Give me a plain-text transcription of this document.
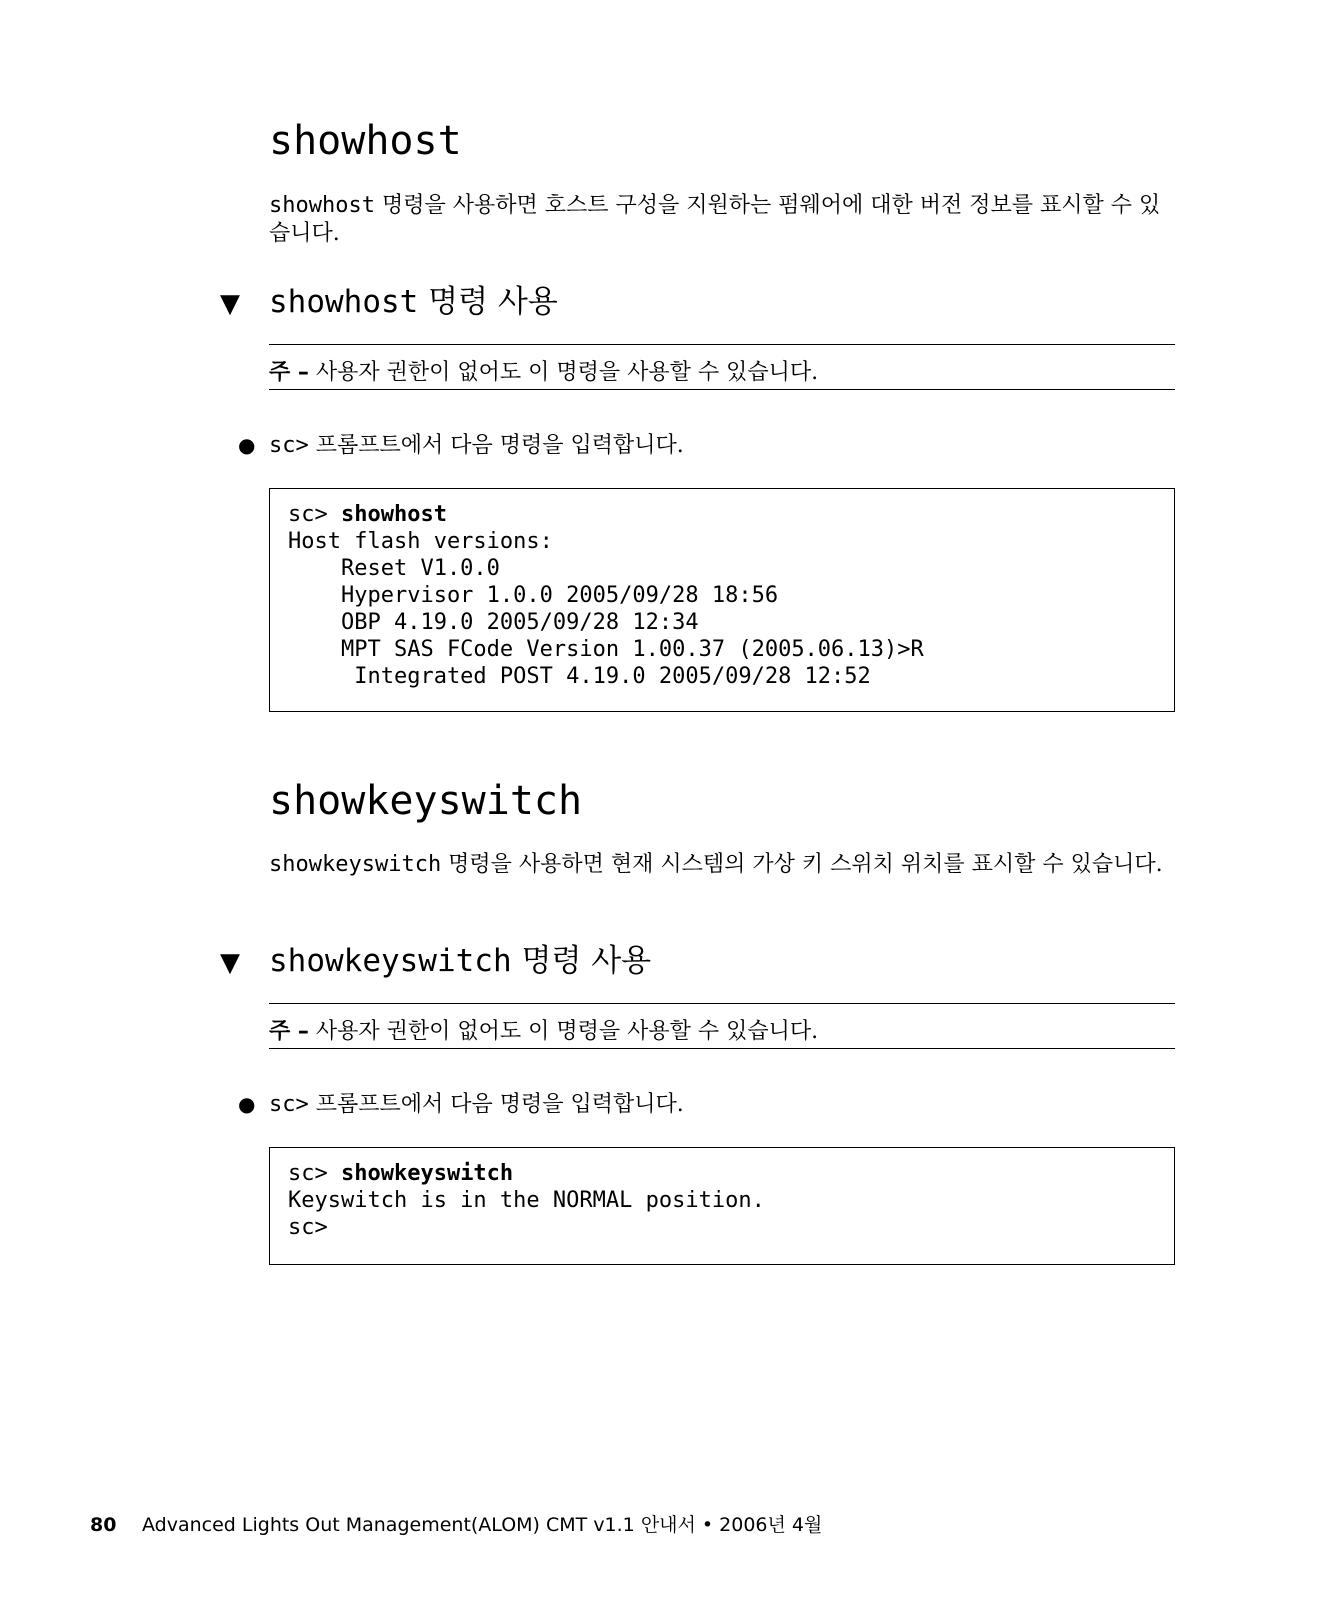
showhost

showhost 명령을 사용하면 호스트 구성을 지원하는 펌웨어에 대한 버전 정보를 표시할 수 있습니다.

▼ showhost 명령 사용
주 – 사용자 권한이 없어도 이 명령을 사용할 수 있습니다.
● sc> 프롬프트에서 다음 명령을 입력합니다.
sc> showhost
Host flash versions:
Reset V1.0.0
Hypervisor 1.0.0 2005/09/28 18:56
OBP 4.19.0 2005/09/28 12:34
MPT SAS FCode Version 1.00.37 (2005.06.13)>R
Integrated POST 4.19.0 2005/09/28 12:52
showkeyswitch

showkeyswitch 명령을 사용하면 현재 시스템의 가상 키 스위치 위치를 표시할 수 있습니다.

▼ showkeyswitch 명령 사용
주 – 사용자 권한이 없어도 이 명령을 사용할 수 있습니다.
● sc> 프롬프트에서 다음 명령을 입력합니다.
sc> showkeyswitch
Keyswitch is in the NORMAL position.
sc>
80 Advanced Lights Out Management(ALOM) CMT v1.1 안내서 • 2006년 4월
